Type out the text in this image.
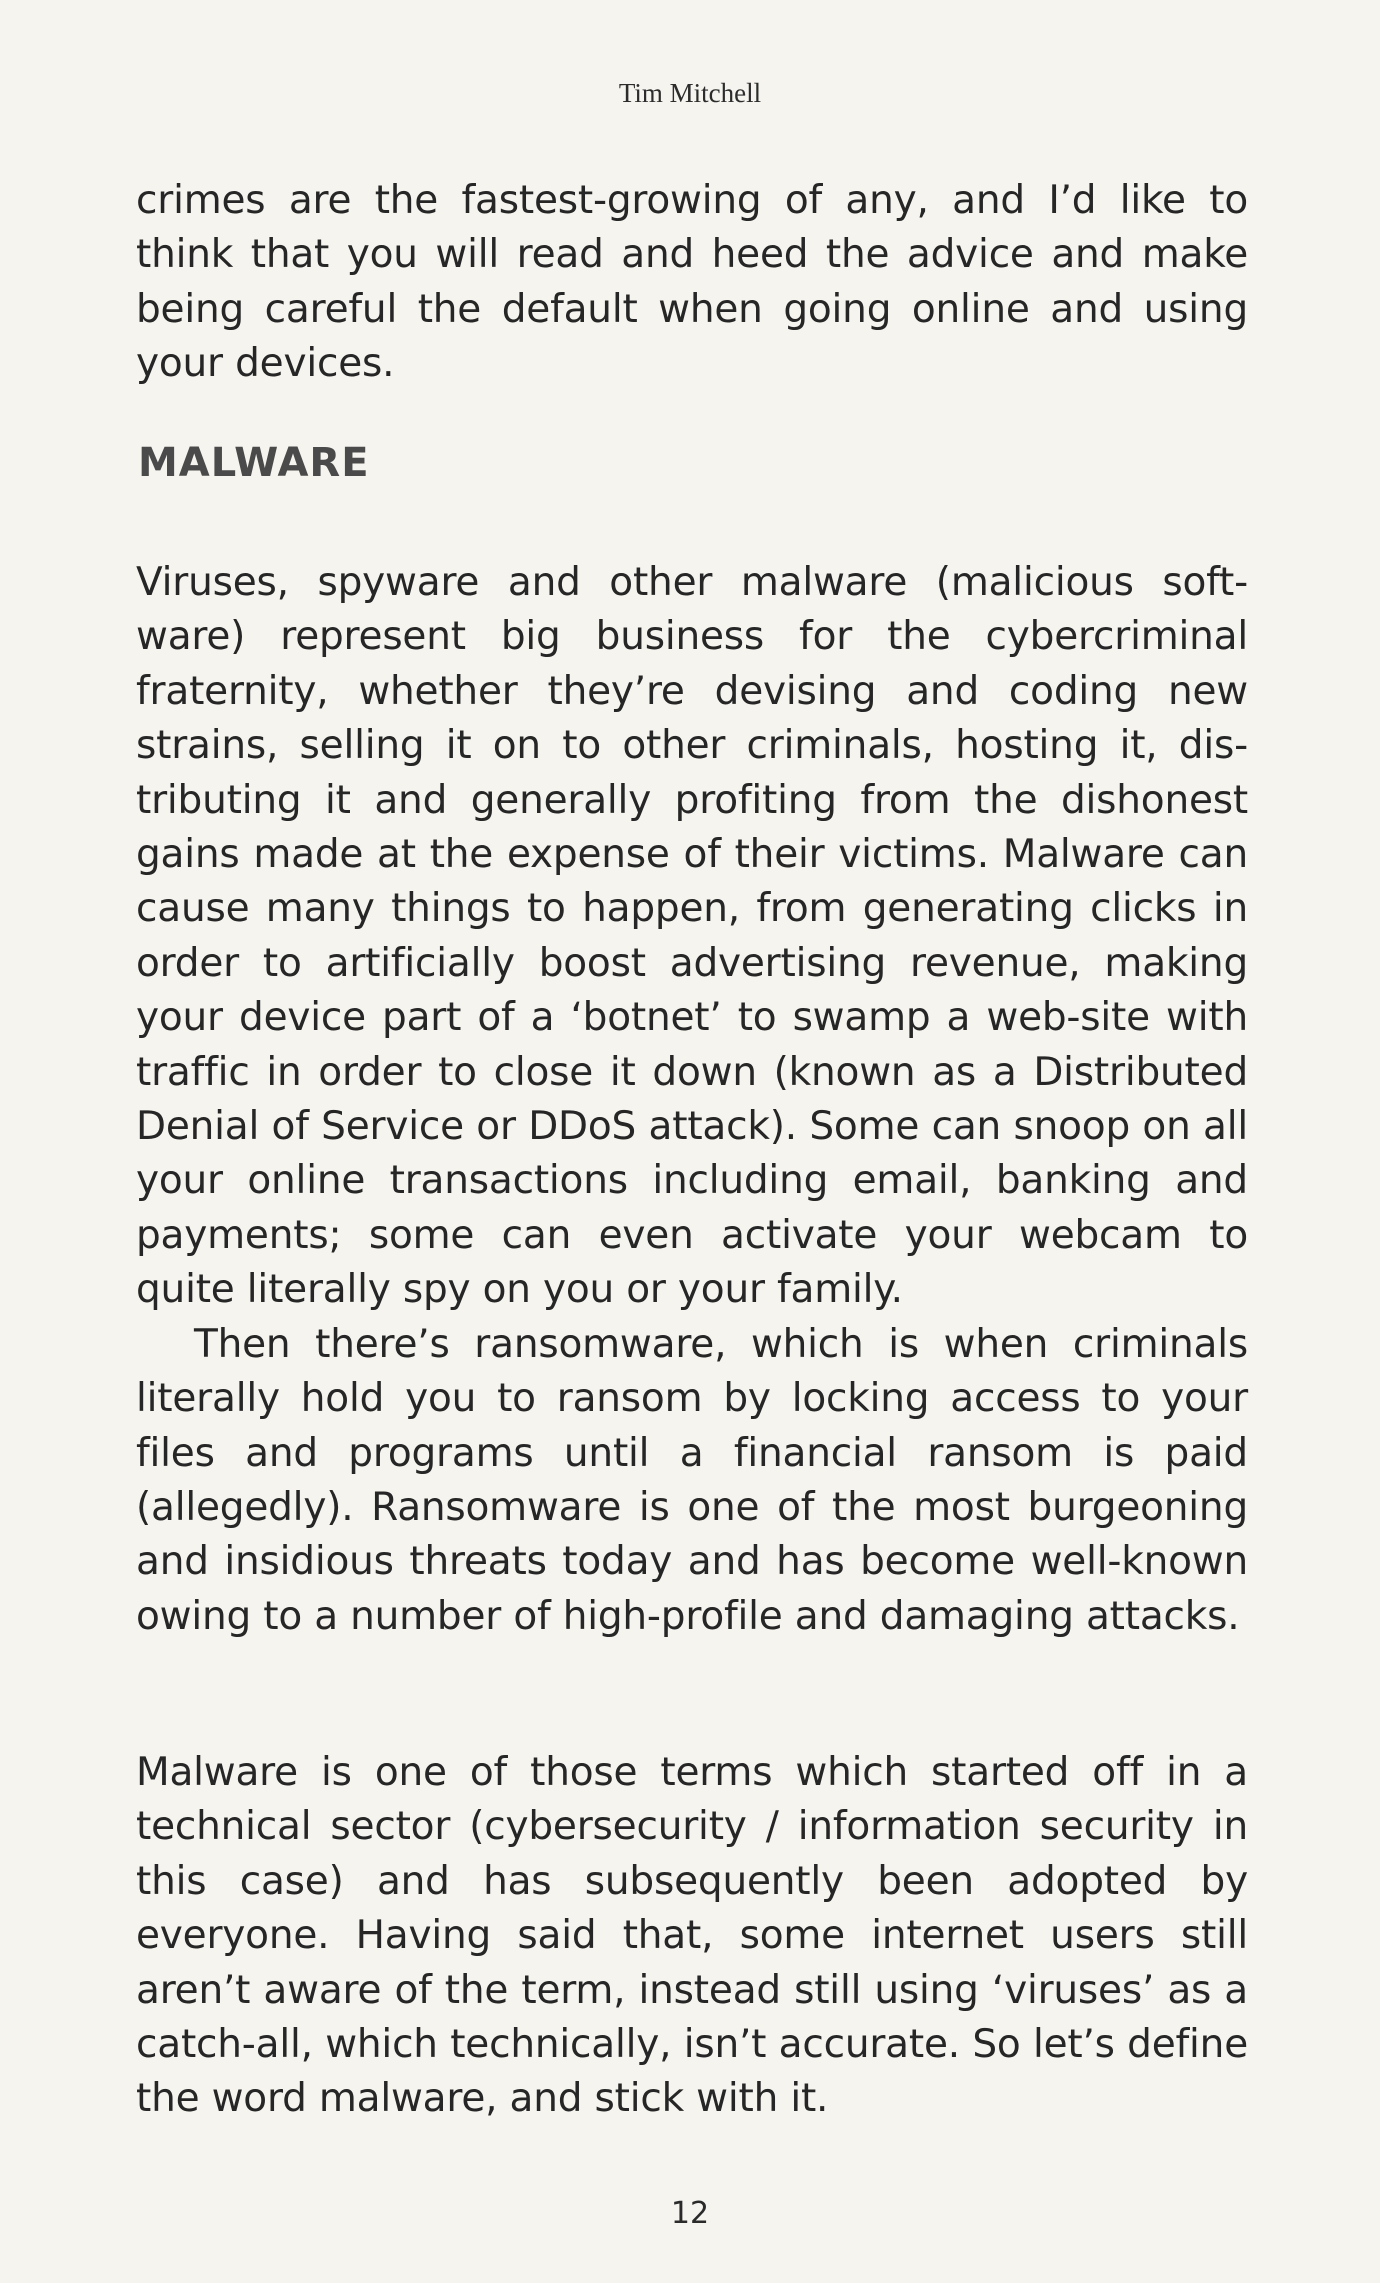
Tim Mitchell

crimes are the fastest-growing of any, and I’d like to think that you will read and heed the advice and make being careful the default when going online and using your devices.

MALWARE

Viruses, spyware and other malware (malicious soft-ware) represent big business for the cybercriminal fraternity, whether they’re devising and coding new strains, selling it on to other criminals, hosting it, dis-tributing it and generally profiting from the dishonest gains made at the expense of their victims. Malware can cause many things to happen, from generating clicks in order to artificially boost advertising revenue, making your device part of a ‘botnet’ to swamp a web-site with traffic in order to close it down (known as a Distributed Denial of Service or DDoS attack). Some can snoop on all your online transactions including email, banking and payments; some can even activate your webcam to quite literally spy on you or your family.

Then there’s ransomware, which is when criminals literally hold you to ransom by locking access to your files and programs until a financial ransom is paid (allegedly). Ransomware is one of the most burgeoning and insidious threats today and has become well-known owing to a number of high-profile and damaging attacks.

Malware is one of those terms which started off in a technical sector (cybersecurity / information security in this case) and has subsequently been adopted by everyone. Having said that, some internet users still aren’t aware of the term, instead still using ‘viruses’ as a catch-all, which technically, isn’t accurate. So let’s define the word malware, and stick with it.

12
